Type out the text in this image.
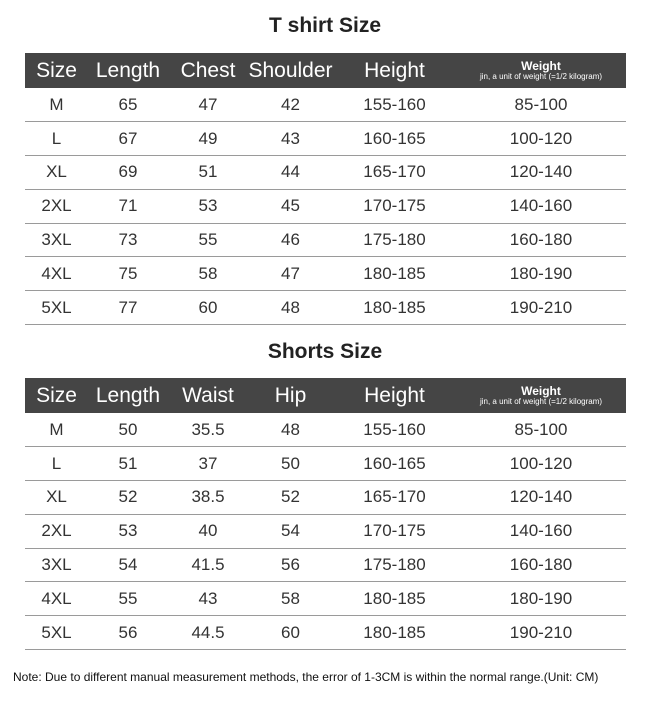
T shirt Size
Size	Length	Chest	Shoulder	Height	Weight
jin, a unit of weight (=1/2 kilogram)

M	65	47	42	155-160	85-100
L	67	49	43	160-165	100-120
XL	69	51	44	165-170	120-140
2XL	71	53	45	170-175	140-160
3XL	73	55	46	175-180	160-180
4XL	75	58	47	180-185	180-190
5XL	77	60	48	180-185	190-210
Shorts Size
Size	Length	Waist	Hip	Height	Weight
jin, a unit of weight (=1/2 kilogram)

M	50	35.5	48	155-160	85-100
L	51	37	50	160-165	100-120
XL	52	38.5	52	165-170	120-140
2XL	53	40	54	170-175	140-160
3XL	54	41.5	56	175-180	160-180
4XL	55	43	58	180-185	180-190
5XL	56	44.5	60	180-185	190-210
Note: Due to different manual measurement methods, the error of 1-3CM is within the normal range.(Unit: CM)
